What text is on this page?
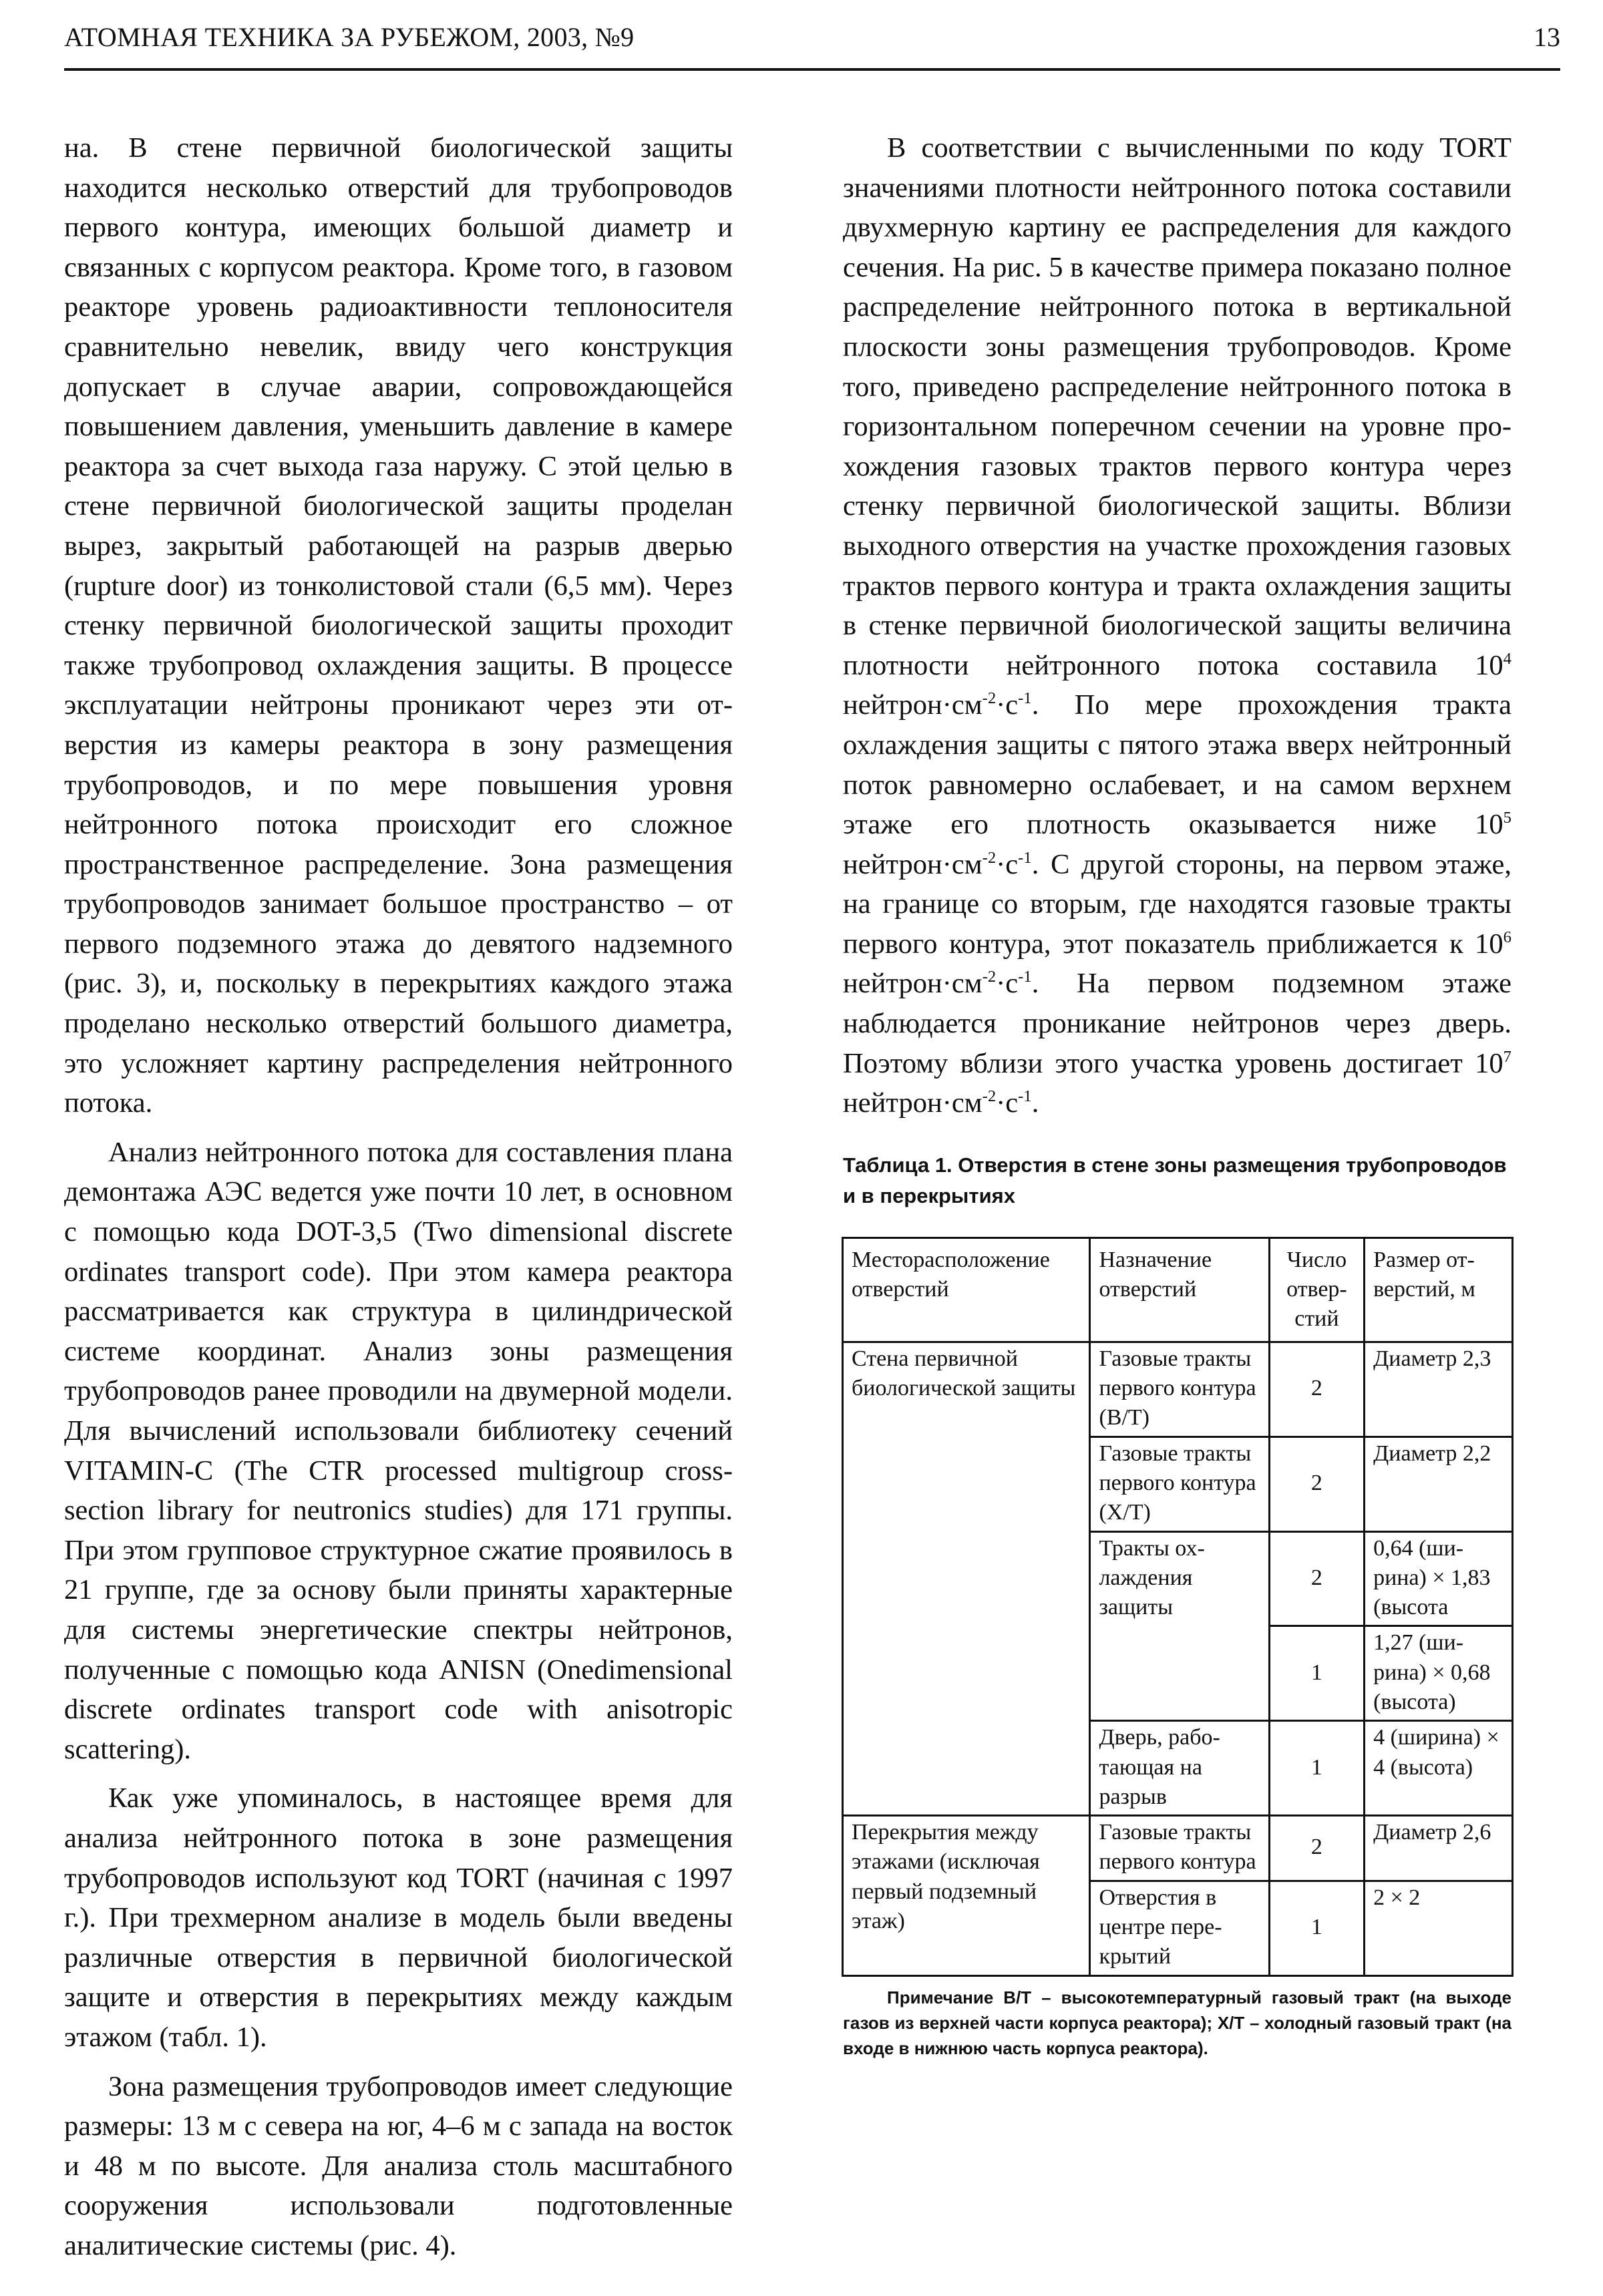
АТОМНАЯ ТЕХНИКА ЗА РУБЕЖОМ, 2003, №9	13

на. В стене первичной биологической защиты находится несколько отверстий для трубопроводов первого контура, имеющих большой диаметр и связанных с корпусом реактора. Кроме того, в газовом реакторе уровень радиоактивности теплоносителя сравнительно невелик, ввиду чего конструкция допускает в случае аварии, сопровождающейся повышением давления, уменьшить давление в камере реактора за счет выхода газа наружу. С этой целью в стене первичной биологической защиты проделан вырез, закрытый работающей на разрыв дверью (rupture door) из тонколистовой стали (6,5 мм). Через стенку первичной биологической защиты проходит также трубопровод охлаждения защиты. В процессе эксплуатации нейтроны проникают через эти отверстия из камеры реактора в зону размещения трубопроводов, и по мере повышения уровня нейтронного потока происходит его сложное пространственное распределение. Зона размещения трубопроводов занимает большое пространство – от первого подземного этажа до девятого надземного (рис. 3), и, поскольку в перекрытиях каждого этажа проделано несколько отверстий большого диаметра, это усложняет картину распределения нейтронного потока.

Анализ нейтронного потока для составления плана демонтажа АЭС ведется уже почти 10 лет, в основном с помощью кода DOT-3,5 (Two dimensional discrete ordinates transport code). При этом камера реактора рассматривается как структура в цилиндрической системе координат. Анализ зоны размещения трубопроводов ранее проводили на двумерной модели. Для вычислений использовали библиотеку сечений VITAMIN-C (The CTR processed multigroup cross-section library for neutronics studies) для 171 группы. При этом групповое структурное сжатие проявилось в 21 группе, где за основу были приняты характерные для системы энергетические спектры нейтронов, полученные с помощью кода ANISN (Onedimensional discrete ordinates transport code with anisotropic scattering).

Как уже упоминалось, в настоящее время для анализа нейтронного потока в зоне размещения трубопроводов используют код TORT (начиная с 1997 г.). При трехмерном анализе в модель были введены различные отверстия в первичной биологической защите и отверстия в перекрытиях между каждым этажом (табл. 1).

Зона размещения трубопроводов имеет следующие размеры: 13 м с севера на юг, 4–6 м с запада на восток и 48 м по высоте. Для анализа столь масштабного сооружения использовали подготовленные аналитические системы (рис. 4).

В соответствии с вычисленными по коду TORT значениями плотности нейтронного потока составили двухмерную картину ее распределения для каждого сечения. На рис. 5 в качестве примера показано полное распределение нейтронного потока в вертикальной плоскости зоны размещения трубопроводов. Кроме того, приведено распределение нейтронного потока в горизонтальном поперечном сечении на уровне прохождения газовых трактов первого контура через стенку первичной биологической защиты. Вблизи выходного отверстия на участке прохождения газовых трактов первого контура и тракта охлаждения защиты в стенке первичной биологической защиты величина плотности нейтронного потока составила $10^4$ $нейтрон\cdot см^{-2}\cdot с^{-1}$. По мере прохождения тракта охлаждения защиты с пятого этажа вверх нейтронный поток равномерно ослабевает, и на самом верхнем этаже его плотность оказывается ниже $10^5$ $нейтрон\cdot см^{-2}\cdot с^{-1}$. С другой стороны, на первом этаже, на границе со вторым, где находятся газовые тракты первого контура, этот показатель приближается к $10^6$ $нейтрон\cdot см^{-2}\cdot с^{-1}$. На первом подземном этаже наблюдается проникание нейтронов через дверь. Поэтому вблизи этого участка уровень достигает $10^7$ $нейтрон\cdot см^{-2}\cdot с^{-1}$.

Таблица 1. Отверстия в стене зоны размещения трубопроводов и в перекрытиях
Месторасположение отверстий	Назначение отверстий	Число отверстий	Размер отверстий, м
Стена первичной биологической защиты	Газовые тракты первого контура (В/Т)	2	Диаметр 2,3
	Газовые тракты первого контура (Х/Т)	2	Диаметр 2,2
	Тракты охлаждения защиты	2	0,64 (ширина) × 1,83 (высота
		1	1,27 (ширина) × 0,68 (высота)
	Дверь, работающая на разрыв	1	4 (ширина) × 4 (высота)
Перекрытия между этажами (исключая первый подземный этаж)	Газовые тракты первого контура	2	Диаметр 2,6
	Отверстия в центре перекрытий	1	2 × 2
Примечание В/Т – высокотемпературный газовый тракт (на выходе газов из верхней части корпуса реактора); Х/Т – холодный газовый тракт (на входе в нижнюю часть корпуса реактора).
